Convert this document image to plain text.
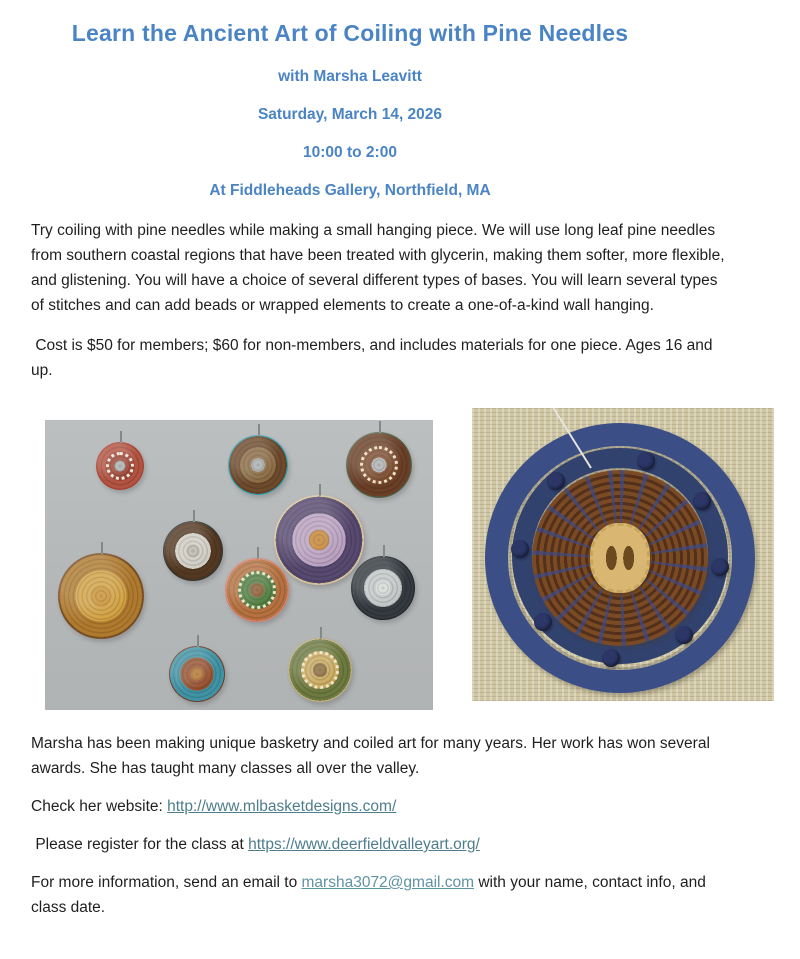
Learn the Ancient Art of Coiling with Pine Needles
with Marsha Leavitt
Saturday, March 14, 2026
10:00 to 2:00
At Fiddleheads Gallery, Northfield, MA

Try coiling with pine needles while making a small hanging piece. We will use long leaf pine needles from southern coastal regions that have been treated with glycerin, making them softer, more flexible, and glistening. You will have a choice of several different types of bases. You will learn several types of stitches and can add beads or wrapped elements to create a one-of-a-kind wall hanging.

Cost is $50 for members; $60 for non-members, and includes materials for one piece. Ages 16 and up.

Marsha has been making unique basketry and coiled art for many years. Her work has won several awards. She has taught many classes all over the valley.

Check her website: http://www.mlbasketdesigns.com/

Please register for the class at https://www.deerfieldvalleyart.org/

For more information, send an email to marsha3072@gmail.com with your name, contact info, and class date.
